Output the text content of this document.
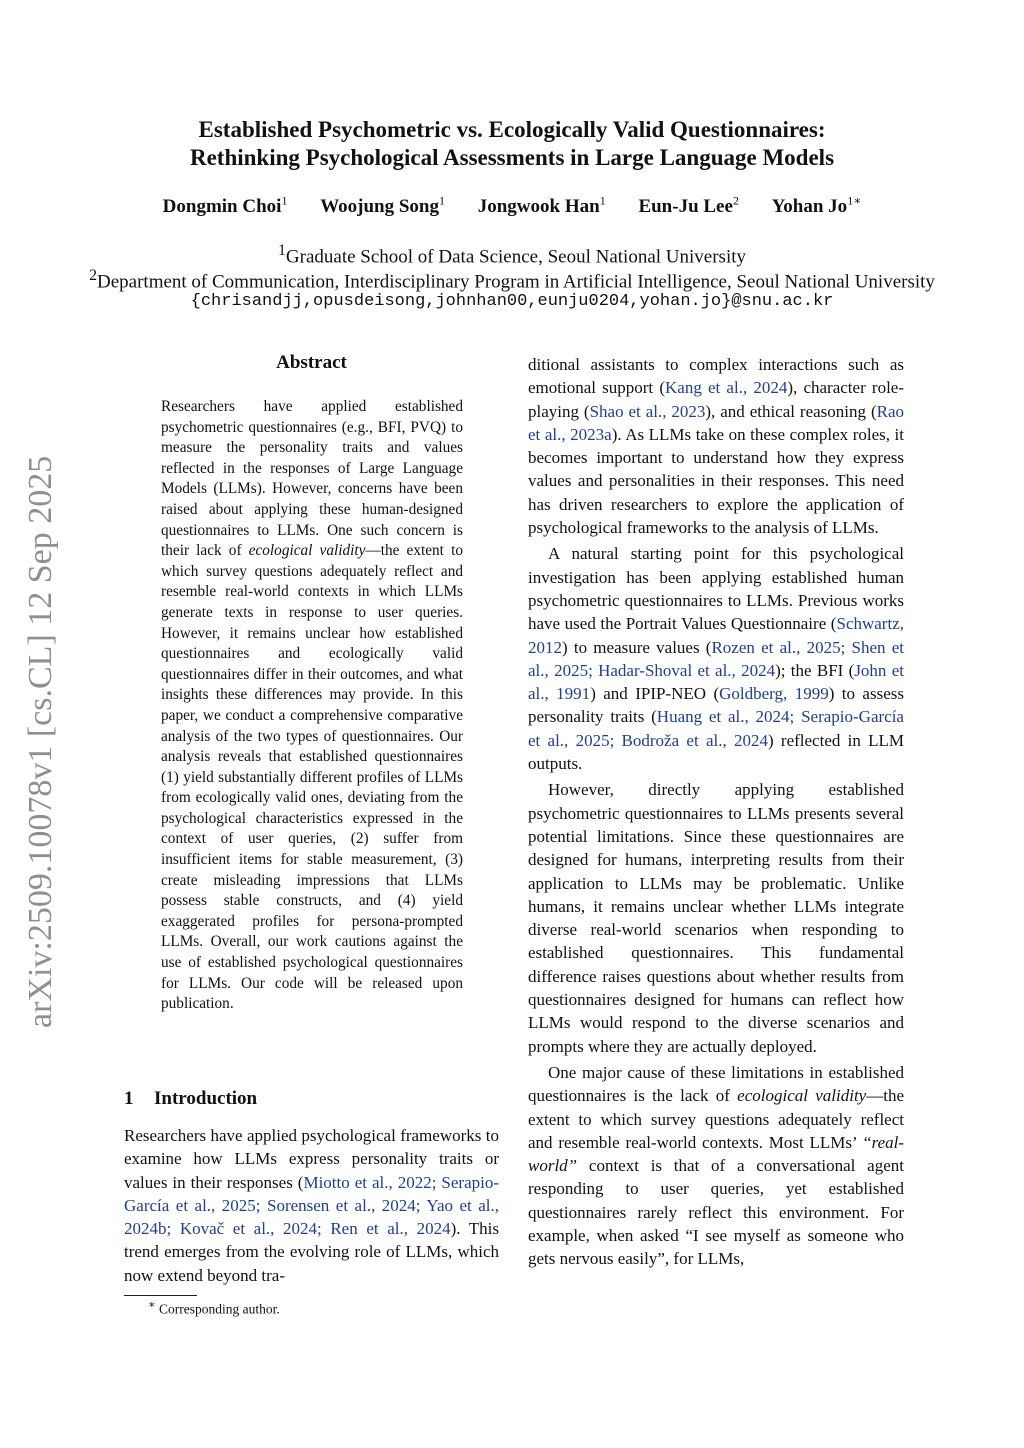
arXiv:2509.10078v1 [cs.CL] 12 Sep 2025
Established Psychometric vs. Ecologically Valid Questionnaires:
Rethinking Psychological Assessments in Large Language Models
Dongmin Choi$^1$ Woojung Song$^1$ Jongwook Han$^1$ Eun-Ju Lee$^2$ Yohan $Jo^{1∗}$
$^1$Graduate School of Data Science, Seoul National University
$^2$Department of Communication, Interdisciplinary Program in Artificial Intelligence, Seoul National University
{chrisandjj,opusdeisong,johnhan00,eunju0204,yohan.jo}@snu.ac.kr
Abstract

Researchers have applied established psychometric questionnaires (e.g., BFI, PVQ) to measure the personality traits and values reflected in the responses of Large Language Models (LLMs). However, concerns have been raised about applying these human-designed questionnaires to LLMs. One such concern is their lack of ecological validity—the extent to which survey questions adequately reflect and resemble real-world contexts in which LLMs generate texts in response to user queries. However, it remains unclear how established questionnaires and ecologically valid questionnaires differ in their outcomes, and what insights these differences may provide. In this paper, we conduct a comprehensive comparative analysis of the two types of questionnaires. Our analysis reveals that established questionnaires (1) yield substantially different profiles of LLMs from ecologically valid ones, deviating from the psychological characteristics expressed in the context of user queries, (2) suffer from insufficient items for stable measurement, (3) create misleading impressions that LLMs possess stable constructs, and (4) yield exaggerated profiles for persona-prompted LLMs. Overall, our work cautions against the use of established psychological questionnaires for LLMs. Our code will be released upon publication.

1 Introduction

Researchers have applied psychological frameworks to examine how LLMs express personality traits or values in their responses (Miotto et al., 2022; Serapio-García et al., 2025; Sorensen et al., 2024; Yao et al., 2024b; Kovač et al., 2024; Ren et al., 2024). This trend emerges from the evolving role of LLMs, which now extend beyond tra-

∗ Corresponding author.

ditional assistants to complex interactions such as emotional support (Kang et al., 2024), character role-playing (Shao et al., 2023), and ethical reasoning (Rao et al., 2023a). As LLMs take on these complex roles, it becomes important to understand how they express values and personalities in their responses. This need has driven researchers to explore the application of psychological frameworks to the analysis of LLMs.

A natural starting point for this psychological investigation has been applying established human psychometric questionnaires to LLMs. Previous works have used the Portrait Values Questionnaire (Schwartz, 2012) to measure values (Rozen et al., 2025; Shen et al., 2025; Hadar-Shoval et al., 2024); the BFI (John et al., 1991) and IPIP-NEO (Goldberg, 1999) to assess personality traits (Huang et al., 2024; Serapio-García et al., 2025; Bodroža et al., 2024) reflected in LLM outputs.

However, directly applying established psychometric questionnaires to LLMs presents several potential limitations. Since these questionnaires are designed for humans, interpreting results from their application to LLMs may be problematic. Unlike humans, it remains unclear whether LLMs integrate diverse real-world scenarios when responding to established questionnaires. This fundamental difference raises questions about whether results from questionnaires designed for humans can reflect how LLMs would respond to the diverse scenarios and prompts where they are actually deployed.

One major cause of these limitations in established questionnaires is the lack of ecological validity—the extent to which survey questions adequately reflect and resemble real-world contexts. Most LLMs’ “real-world” context is that of a conversational agent responding to user queries, yet established questionnaires rarely reflect this environment. For example, when asked “I see myself as someone who gets nervous easily”, for LLMs,
